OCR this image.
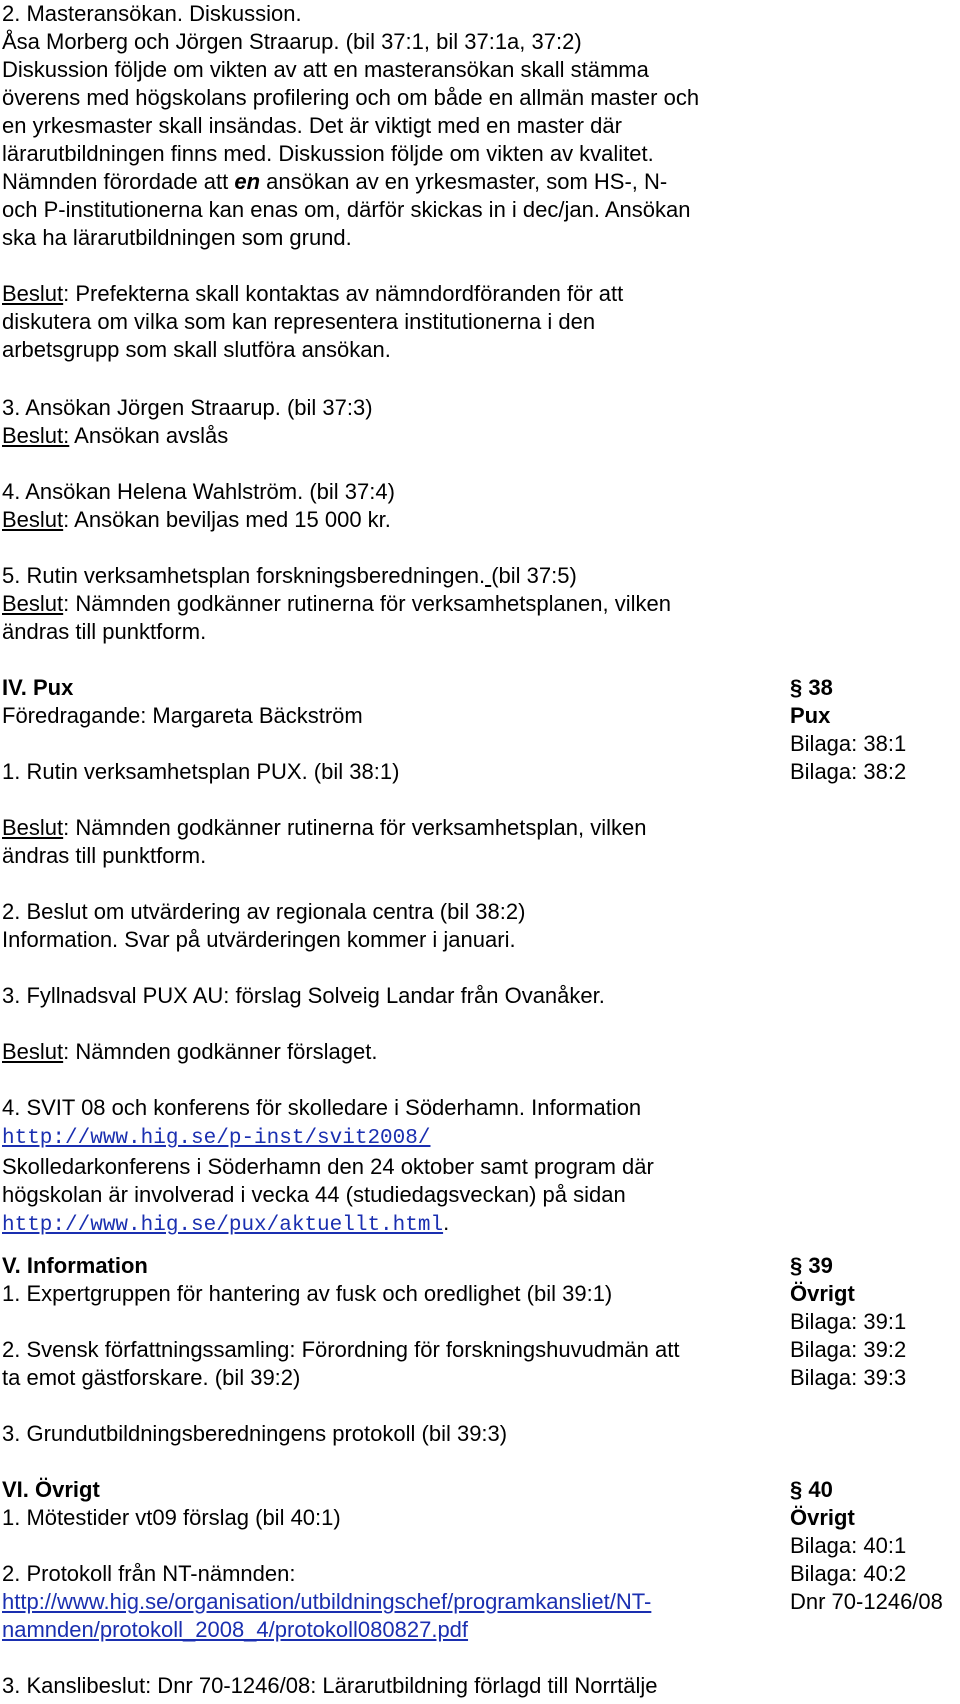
2. Masteransökan. Diskussion.
Åsa Morberg och Jörgen Straarup. (bil 37:1, bil 37:1a, 37:2)
Diskussion följde om vikten av att en masteransökan skall stämma
överens med högskolans profilering och om både en allmän master och
en yrkesmaster skall insändas. Det är viktigt med en master där
lärarutbildningen finns med. Diskussion följde om vikten av kvalitet.
Nämnden förordade att en ansökan av en yrkesmaster, som HS-, N-
och P-institutionerna kan enas om, därför skickas in i dec/jan. Ansökan
ska ha lärarutbildningen som grund.
Beslut: Prefekterna skall kontaktas av nämndordföranden för att
diskutera om vilka som kan representera institutionerna i den
arbetsgrupp som skall slutföra ansökan.
3. Ansökan Jörgen Straarup. (bil 37:3)
Beslut: Ansökan avslås
4. Ansökan Helena Wahlström. (bil 37:4)
Beslut: Ansökan beviljas med 15 000 kr.
5. Rutin verksamhetsplan forskningsberedningen. (bil 37:5)
Beslut: Nämnden godkänner rutinerna för verksamhetsplanen, vilken
ändras till punktform.
IV. Pux	§ 38
Pux
Bilaga: 38:1
Bilaga: 38:2
Föredragande: Margareta Bäckström
1. Rutin verksamhetsplan PUX. (bil 38:1)
Beslut: Nämnden godkänner rutinerna för verksamhetsplan, vilken
ändras till punktform.
2. Beslut om utvärdering av regionala centra (bil 38:2)
Information. Svar på utvärderingen kommer i januari.
3. Fyllnadsval PUX AU: förslag Solveig Landar från Ovanåker.
Beslut: Nämnden godkänner förslaget.
4. SVIT 08 och konferens för skolledare i Söderhamn. Information
http://www.hig.se/p-inst/svit2008/
Skolledarkonferens i Söderhamn den 24 oktober samt program där
högskolan är involverad i vecka 44 (studiedagsveckan) på sidan
http://www.hig.se/pux/aktuellt.html.
V. Information	§ 39
Övrigt
Bilaga: 39:1
Bilaga: 39:2
Bilaga: 39:3
1. Expertgruppen för hantering av fusk och oredlighet (bil 39:1)
2. Svensk författningssamling: Förordning för forskningshuvudmän att
ta emot gästforskare. (bil 39:2)
3. Grundutbildningsberedningens protokoll (bil 39:3)
VI. Övrigt	§ 40
Övrigt
Bilaga: 40:1
Bilaga: 40:2
Dnr 70-1246/08
1. Mötestider vt09 förslag (bil 40:1)
2. Protokoll från NT-nämnden:
http://www.hig.se/organisation/utbildningschef/programkansliet/NT-
namnden/protokoll_2008_4/protokoll080827.pdf
3. Kanslibeslut: Dnr 70-1246/08: Lärarutbildning förlagd till Norrtälje
